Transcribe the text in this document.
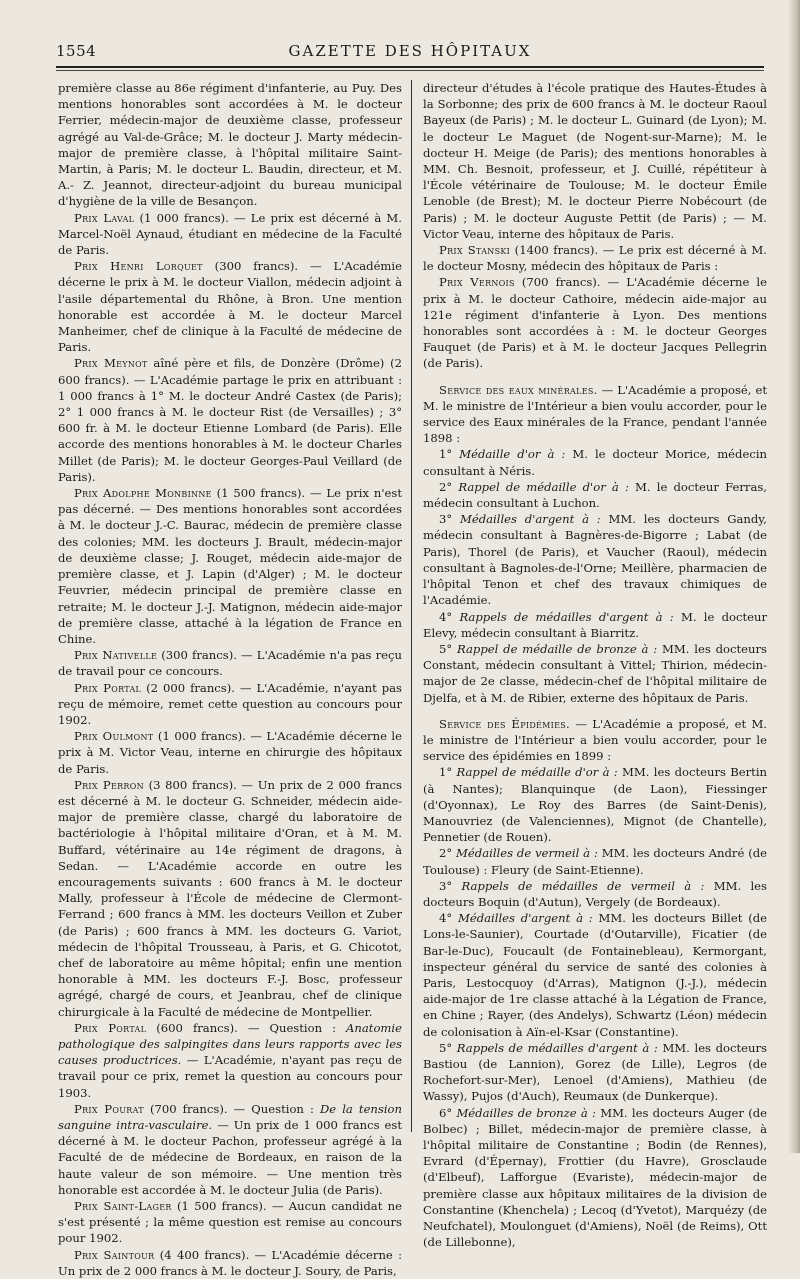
1554	GAZETTE DES HÔPITAUX

première classe au 86e régiment d'infanterie, au Puy. Des mentions honorables sont accordées à M. le docteur Ferrier, médecin-major de deuxième classe, professeur agrégé au Val-de-Grâce; M. le docteur J. Marty médecin-major de première classe, à l'hôpital militaire Saint-Martin, à Paris; M. le docteur L. Baudin, directeur, et M. A.- Z. Jeannot, directeur-adjoint du bureau municipal d'hygiène de la ville de Besançon.

Prix Laval (1 000 francs). — Le prix est décerné à M. Marcel-Noël Aynaud, étudiant en médecine de la Faculté de Paris.

Prix Henri Lorquet (300 francs). — L'Académie décerne le prix à M. le docteur Viallon, médecin adjoint à l'asile départemental du Rhône, à Bron. Une mention honorable est accordée à M. le docteur Marcel Manheimer, chef de clinique à la Faculté de médecine de Paris.

Prix Meynot aîné père et fils, de Donzère (Drôme) (2 600 francs). — L'Académie partage le prix en attribuant : 1 000 francs à 1° M. le docteur André Castex (de Paris); 2° 1 000 francs à M. le docteur Rist (de Versailles) ; 3° 600 fr. à M. le docteur Etienne Lombard (de Paris). Elle accorde des mentions honorables à M. le docteur Charles Millet (de Paris); M. le docteur Georges-Paul Veillard (de Paris).

Prix Adolphe Monbinne (1 500 francs). — Le prix n'est pas décerné. — Des mentions honorables sont accordées à M. le docteur J.-C. Baurac, médecin de première classe des colonies; MM. les docteurs J. Brault, médecin-major de deuxième classe; J. Rouget, médecin aide-major de première classe, et J. Lapin (d'Alger) ; M. le docteur Feuvrier, médecin principal de première classe en retraite; M. le docteur J.-J. Matignon, médecin aide-major de première classe, attaché à la légation de France en Chine.

Prix Nativelle (300 francs). — L'Académie n'a pas reçu de travail pour ce concours.

Prix Portal (2 000 francs). — L'Académie, n'ayant pas reçu de mémoire, remet cette question au concours pour 1902.

Prix Oulmont (1 000 francs). — L'Académie décerne le prix à M. Victor Veau, interne en chirurgie des hôpitaux de Paris.

Prix Perron (3 800 francs). — Un prix de 2 000 francs est décerné à M. le docteur G. Schneider, médecin aide-major de première classe, chargé du laboratoire de bactériologie à l'hôpital militaire d'Oran, et à M. M. Buffard, vétérinaire au 14e régiment de dragons, à Sedan. — L'Académie accorde en outre les encouragements suivants : 600 francs à M. le docteur Mally, professeur à l'École de médecine de Clermont-Ferrand ; 600 francs à MM. les docteurs Veillon et Zuber (de Paris) ; 600 francs à MM. les docteurs G. Variot, médecin de l'hôpital Trousseau, à Paris, et G. Chicotot, chef de laboratoire au même hôpital; enfin une mention honorable à MM. les docteurs F.-J. Bosc, professeur agrégé, chargé de cours, et Jeanbrau, chef de clinique chirurgicale à la Faculté de médecine de Montpellier.

Prix Portal (600 francs). — Question : Anatomie pathologique des salpingites dans leurs rapports avec les causes productrices. — L'Académie, n'ayant pas reçu de travail pour ce prix, remet la question au concours pour 1903.

Prix Pourat (700 francs). — Question : De la tension sanguine intra-vasculaire. — Un prix de 1 000 francs est décerné à M. le docteur Pachon, professeur agrégé à la Faculté de de médecine de Bordeaux, en raison de la haute valeur de son mémoire. — Une mention très honorable est accordée à M. le docteur Julia (de Paris).

Prix Saint-Lager (1 500 francs). — Aucun candidat ne s'est présenté ; la même question est remise au concours pour 1902.

Prix Saintour (4 400 francs). — L'Académie décerne : Un prix de 2 000 francs à M. le docteur J. Soury, de Paris,

directeur d'études à l'école pratique des Hautes-Études à la Sorbonne; des prix de 600 francs à M. le docteur Raoul Bayeux (de Paris) ; M. le docteur L. Guinard (de Lyon); M. le docteur Le Maguet (de Nogent-sur-Marne); M. le docteur H. Meige (de Paris); des mentions honorables à MM. Ch. Besnoit, professeur, et J. Cuillé, répétiteur à l'École vétérinaire de Toulouse; M. le docteur Émile Lenoble (de Brest); M. le docteur Pierre Nobécourt (de Paris) ; M. le docteur Auguste Pettit (de Paris) ; — M. Victor Veau, interne des hôpitaux de Paris.

Prix Stanski (1400 francs). — Le prix est décerné à M. le docteur Mosny, médecin des hôpitaux de Paris :

Prix Vernois (700 francs). — L'Académie décerne le prix à M. le docteur Cathoire, médecin aide-major au 121e régiment d'infanterie à Lyon. Des mentions honorables sont accordées à : M. le docteur Georges Fauquet (de Paris) et à M. le docteur Jacques Pellegrin (de Paris).

Service des eaux minérales. — L'Académie a proposé, et M. le ministre de l'Intérieur a bien voulu accorder, pour le service des Eaux minérales de la France, pendant l'année 1898 :

1° Médaille d'or à : M. le docteur Morice, médecin consultant à Néris.

2° Rappel de médaille d'or à : M. le docteur Ferras, médecin consultant à Luchon.

3° Médailles d'argent à : MM. les docteurs Gandy, médecin consultant à Bagnères-de-Bigorre ; Labat (de Paris), Thorel (de Paris), et Vaucher (Raoul), médecin consultant à Bagnoles-de-l'Orne; Meillère, pharmacien de l'hôpital Tenon et chef des travaux chimiques de l'Académie.

4° Rappels de médailles d'argent à : M. le docteur Elevy, médecin consultant à Biarritz.

5° Rappel de médaille de bronze à : MM. les docteurs Constant, médecin consultant à Vittel; Thirion, médecin-major de 2e classe, médecin-chef de l'hôpital militaire de Djelfa, et à M. de Ribier, externe des hôpitaux de Paris.

Service des Épidémies. — L'Académie a proposé, et M. le ministre de l'Intérieur a bien voulu accorder, pour le service des épidémies en 1899 :

1° Rappel de médaille d'or à : MM. les docteurs Bertin (à Nantes); Blanquinque (de Laon), Fiessinger (d'Oyonnax), Le Roy des Barres (de Saint-Denis), Manouvriez (de Valenciennes), Mignot (de Chantelle), Pennetier (de Rouen).

2° Médailles de vermeil à : MM. les docteurs André (de Toulouse) : Fleury (de Saint-Etienne).

3° Rappels de médailles de vermeil à : MM. les docteurs Boquin (d'Autun), Vergely (de Bordeaux).

4° Médailles d'argent à : MM. les docteurs Billet (de Lons-le-Saunier), Courtade (d'Outarville), Ficatier (de Bar-le-Duc), Foucault (de Fontainebleau), Kermorgant, inspecteur général du service de santé des colonies à Paris, Lestocquoy (d'Arras), Matignon (J.-J.), médecin aide-major de 1re classe attaché à la Légation de France, en Chine ; Rayer, (des Andelys), Schwartz (Léon) médecin de colonisation à Aïn-el-Ksar (Constantine).

5° Rappels de médailles d'argent à : MM. les docteurs Bastiou (de Lannion), Gorez (de Lille), Legros (de Rochefort-sur-Mer), Lenoel (d'Amiens), Mathieu (de Wassy), Pujos (d'Auch), Reumaux (de Dunkerque).

6° Médailles de bronze à : MM. les docteurs Auger (de Bolbec) ; Billet, médecin-major de première classe, à l'hôpital militaire de Constantine ; Bodin (de Rennes), Evrard (d'Épernay), Frottier (du Havre), Grosclaude (d'Elbeuf), Lafforgue (Evariste), médecin-major de première classe aux hôpitaux militaires de la division de Constantine (Khenchela) ; Lecoq (d'Yvetot), Marquézy (de Neufchatel), Moulonguet (d'Amiens), Noël (de Reims), Ott (de Lillebonne),
